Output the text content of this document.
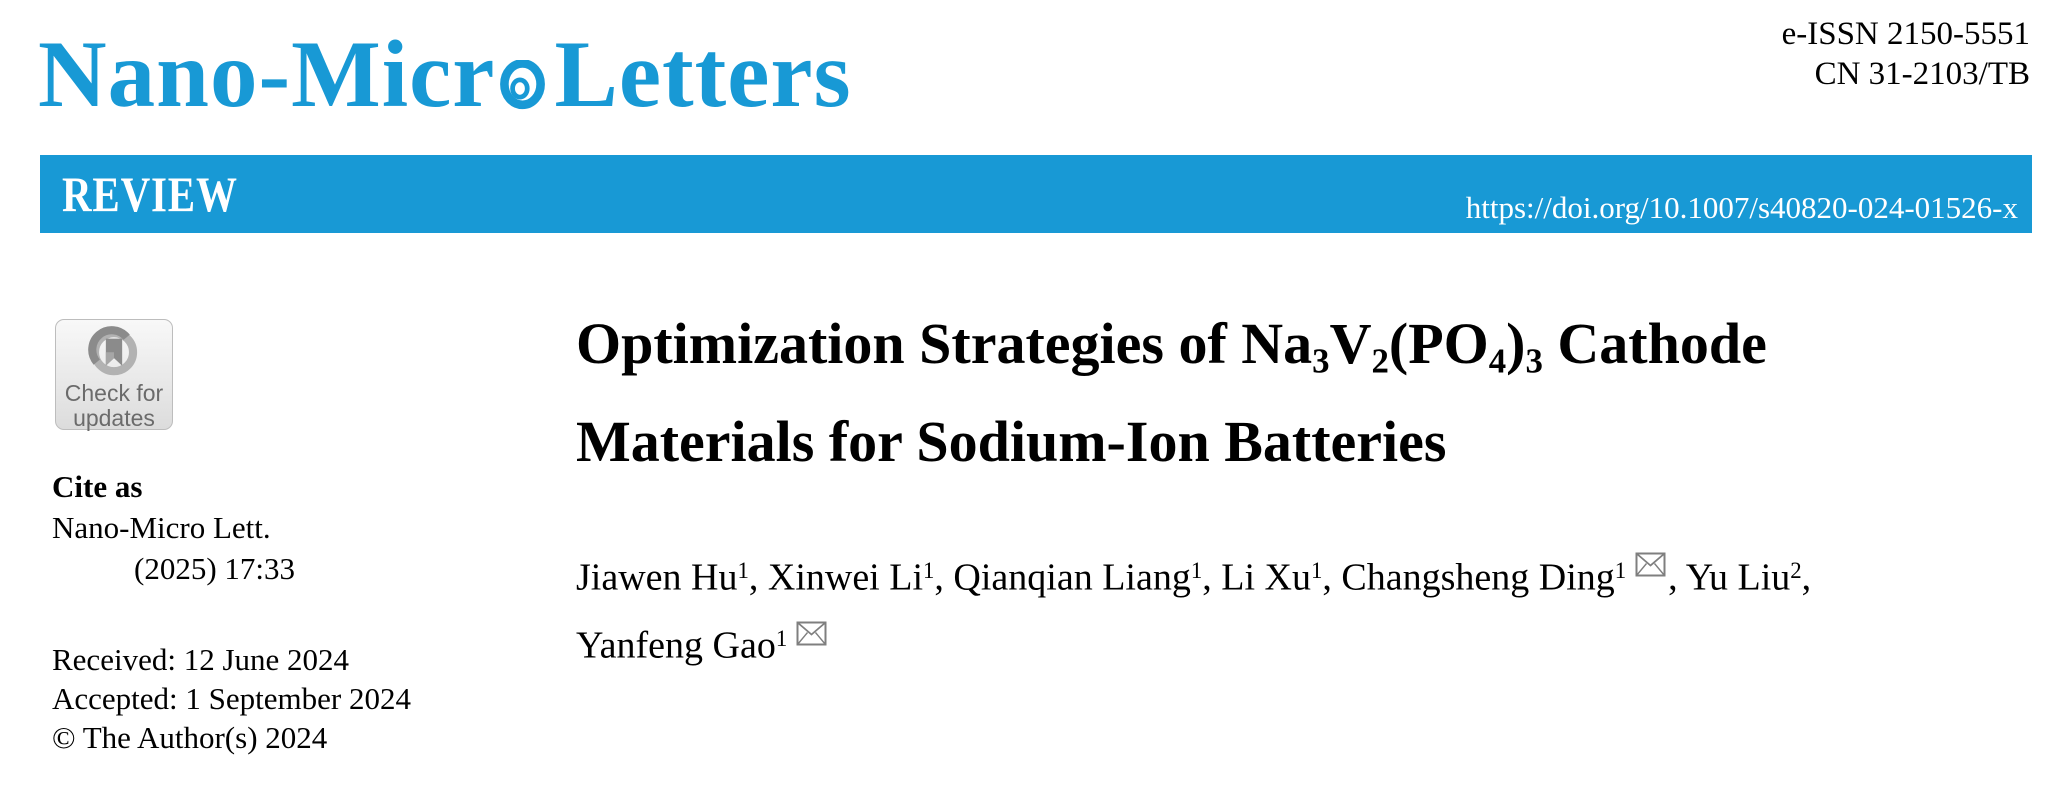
Nano-Micr Letters	e-ISSN 2150-5551
CN 31-2103/TB
REVIEW	https://doi.org/10.1007/s40820-024-01526-x
Check for
updates
Cite as
Nano-Micro Lett.
(2025) 17:33
Received: 12 June 2024
Accepted: 1 September 2024
© The Author(s) 2024
Optimization Strategies of Na3V2(PO4)3 Cathode
Materials for Sodium-Ion Batteries
Jiawen Hu$^1$, Xinwei Li$^1$, Qianqian Liang$^1$, Li Xu$^1$, Changsheng Ding$^1$ , Yu Liu$^2$,
Yanfeng Gao$^1$
